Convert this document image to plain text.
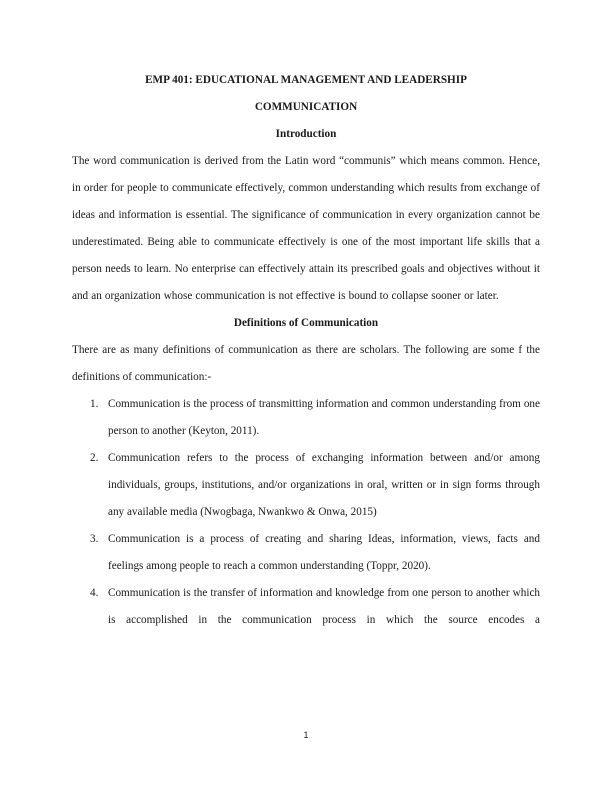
EMP 401: EDUCATIONAL MANAGEMENT AND LEADERSHIP

COMMUNICATION

Introduction

The word communication is derived from the Latin word “communis” which means common. Hence, in order for people to communicate effectively, common understanding which results from exchange of ideas and information is essential. The significance of communication in every organization cannot be underestimated. Being able to communicate effectively is one of the most important life skills that a person needs to learn. No enterprise can effectively attain its prescribed goals and objectives without it and an organization whose communication is not effective is bound to collapse sooner or later.

Definitions of Communication

There are as many definitions of communication as there are scholars. The following are some f the definitions of communication:-

1. Communication is the process of transmitting information and common understanding from one person to another (Keyton, 2011).
2. Communication refers to the process of exchanging information between and/or among individuals, groups, institutions, and/or organizations in oral, written or in sign forms through any available media (Nwogbaga, Nwankwo & Onwa, 2015)
3. Communication is a process of creating and sharing Ideas, information, views, facts and feelings among people to reach a common understanding (Toppr, 2020).
4. Communication is the transfer of information and knowledge from one person to another which is accomplished in the communication process in which the source encodes a
1
